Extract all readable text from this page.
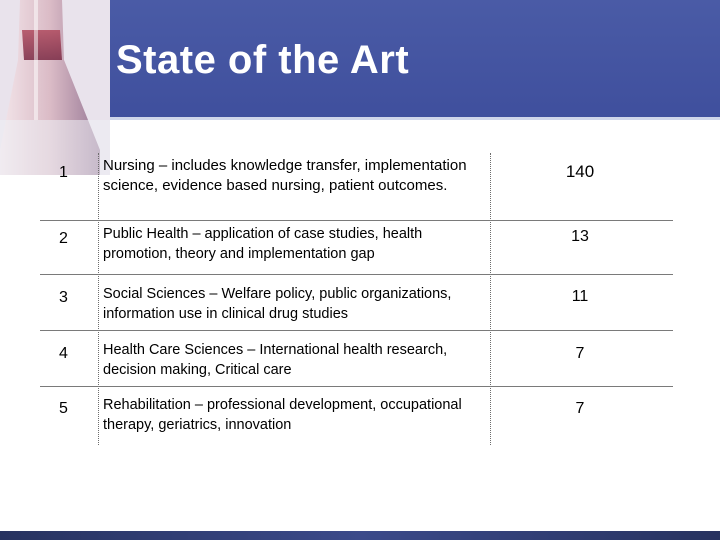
State of the Art
1 Nursing – includes knowledge transfer, implementation science, evidence based nursing, patient outcomes.
140
2 Public Health – application of case studies, health promotion, theory and implementation gap
13
3 Social Sciences – Welfare policy, public organizations, information use in clinical drug studies
11
4 Health Care Sciences – International health research, decision making, Critical care
7
5 Rehabilitation – professional development, occupational therapy, geriatrics, innovation
7
